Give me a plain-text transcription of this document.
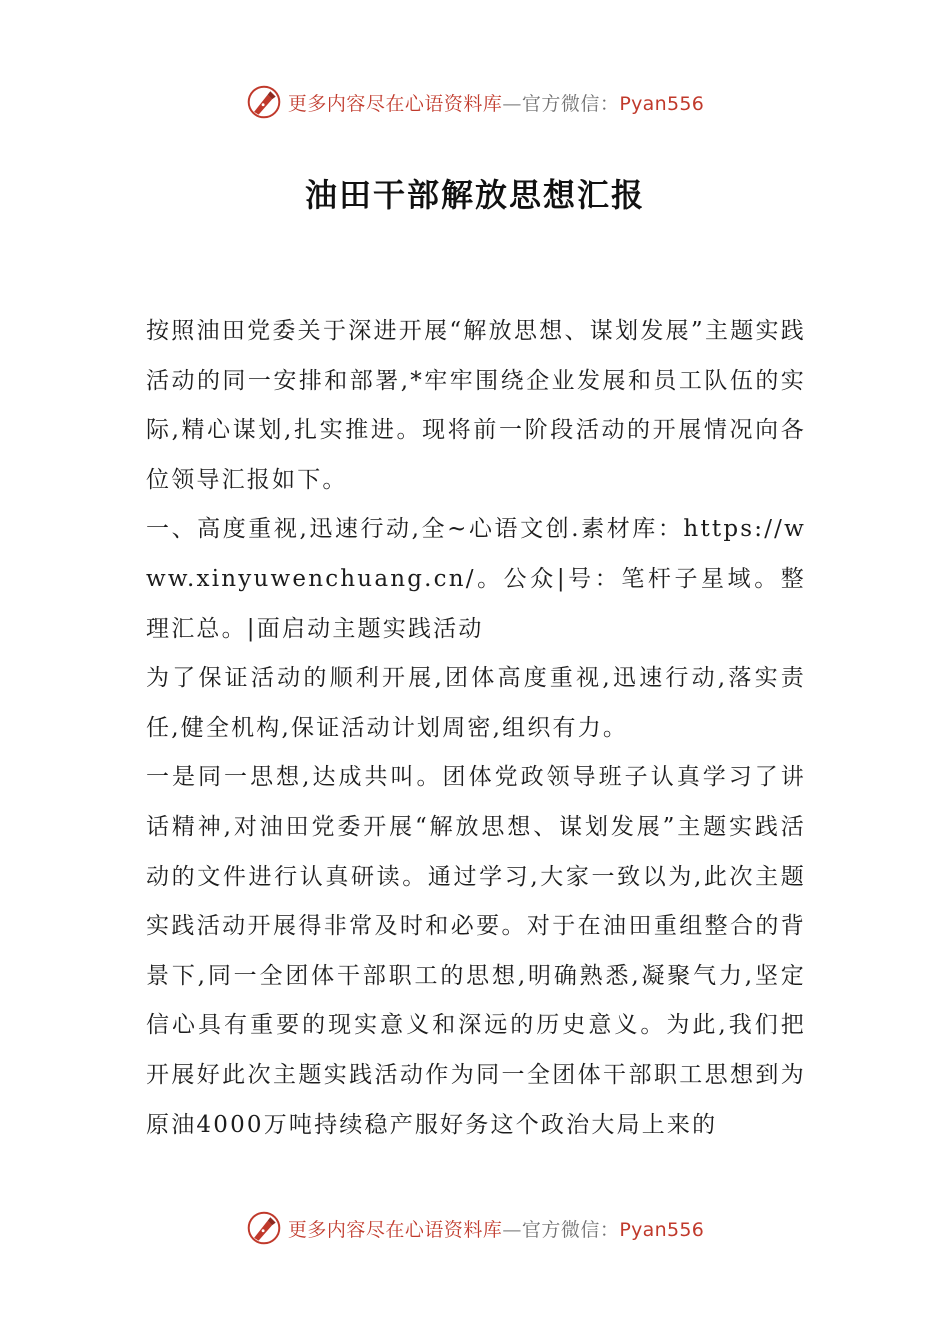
更多内容尽在心语资料库—官方微信：Pyan556
油田干部解放思想汇报

按照油田党委关于深进开展“解放思想、谋划发展”主题实践活动的同一安排和部署,*牢牢围绕企业发展和员工队伍的实际,精心谋划,扎实推进。现将前一阶段活动的开展情况向各位领导汇报如下。

一、高度重视,迅速行动,全~心语文创.素材库：https://www.xinyuwenchuang.cn/。公众|号：笔杆子星域。整理汇总。|面启动主题实践活动

为了保证活动的顺利开展,团体高度重视,迅速行动,落实责任,健全机构,保证活动计划周密,组织有力。

一是同一思想,达成共叫。团体党政领导班子认真学习了讲话精神,对油田党委开展“解放思想、谋划发展”主题实践活动的文件进行认真研读。通过学习,大家一致以为,此次主题实践活动开展得非常及时和必要。对于在油田重组整合的背景下,同一全团体干部职工的思想,明确熟悉,凝聚气力,坚定信心具有重要的现实意义和深远的历史意义。为此,我们把开展好此次主题实践活动作为同一全团体干部职工思想到为原油4000万吨持续稳产服好务这个政治大局上来的

更多内容尽在心语资料库—官方微信：Pyan556
